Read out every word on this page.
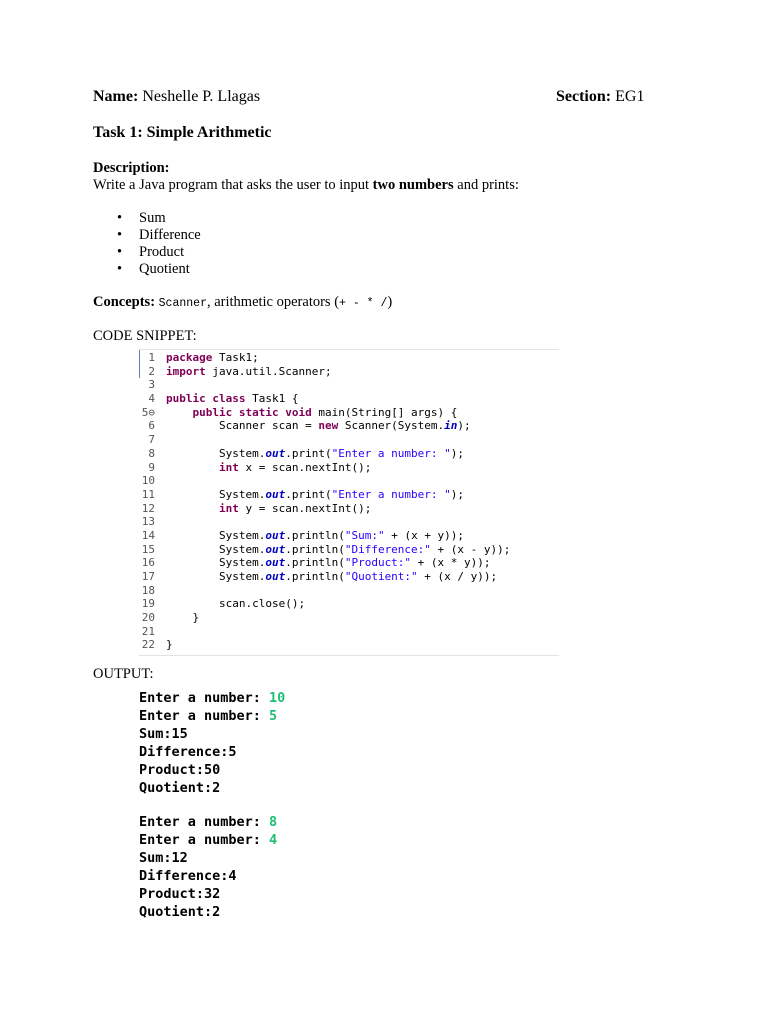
Name: Neshelle P. Llagas	Section: EG1
Task 1: Simple Arithmetic
Description:
Write a Java program that asks the user to input two numbers and prints:
• Sum
• Difference
• Product
• Quotient
Concepts: Scanner, arithmetic operators (+ - * /)
CODE SNIPPET:
1 package Task1;
2 import java.util.Scanner;
3
4 public class Task1 {
5⊖	public static void main(String[] args) {
6        Scanner scan = new Scanner(System.in);
7
8        System.out.print("Enter a number: ");
9	int x = scan.nextInt();
10
11        System.out.print("Enter a number: ");
12	int y = scan.nextInt();
13
14        System.out.println("Sum:" + (x + y));
15        System.out.println("Difference:" + (x - y));
16        System.out.println("Product:" + (x * y));
17        System.out.println("Quotient:" + (x / y));
18
19        scan.close();
20    }
21
22 }
OUTPUT:
Enter a number: 10
Enter a number: 5
Sum:15
Difference:5
Product:50
Quotient:2
Enter a number: 8
Enter a number: 4
Sum:12
Difference:4
Product:32
Quotient:2
